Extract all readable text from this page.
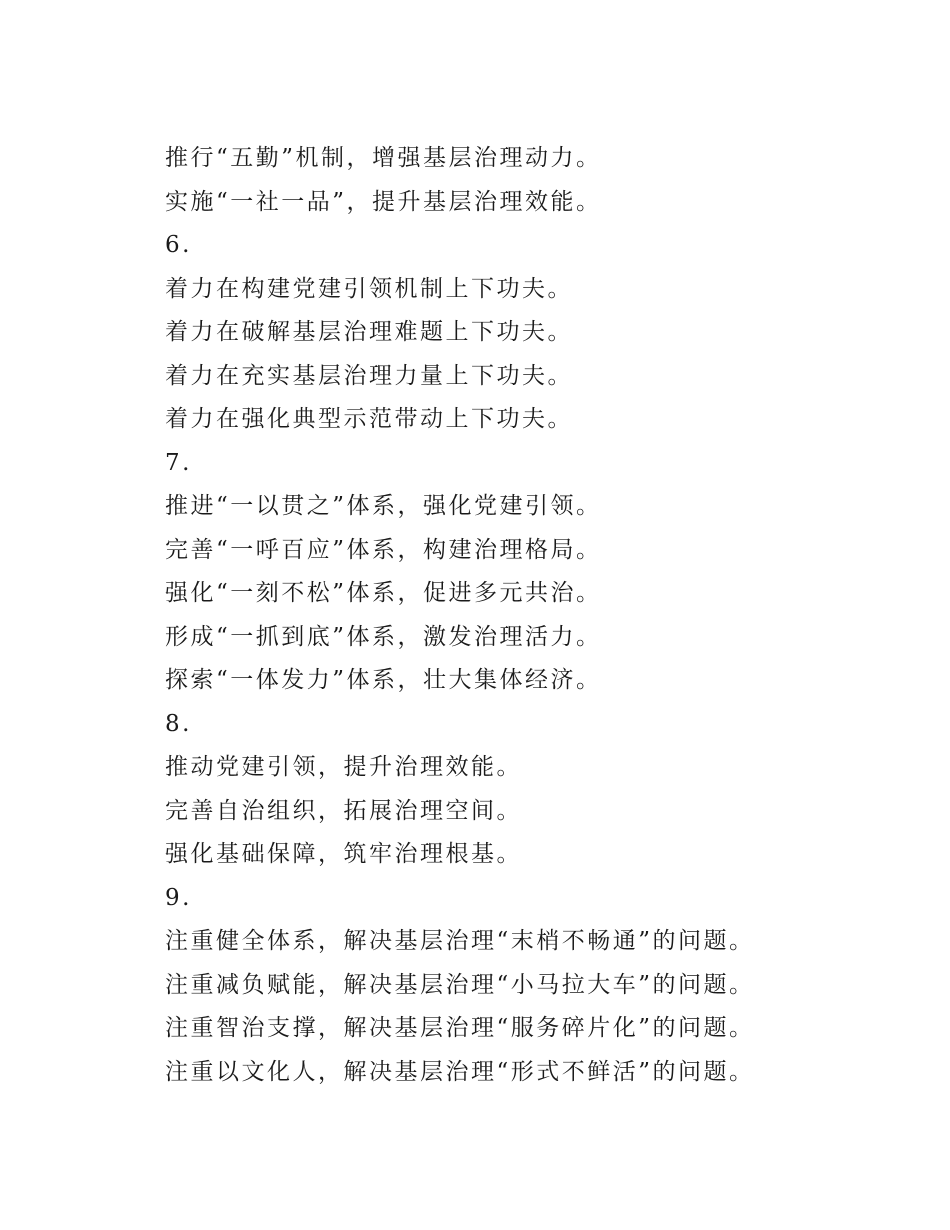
推行“五勤”机制，增强基层治理动力。

实施“一社一品”，提升基层治理效能。

6.

着力在构建党建引领机制上下功夫。

着力在破解基层治理难题上下功夫。

着力在充实基层治理力量上下功夫。

着力在强化典型示范带动上下功夫。

7.

推进“一以贯之”体系，强化党建引领。

完善“一呼百应”体系，构建治理格局。

强化“一刻不松”体系，促进多元共治。

形成“一抓到底”体系，激发治理活力。

探索“一体发力”体系，壮大集体经济。

8.

推动党建引领，提升治理效能。

完善自治组织，拓展治理空间。

强化基础保障，筑牢治理根基。

9.

注重健全体系，解决基层治理“末梢不畅通”的问题。

注重减负赋能，解决基层治理“小马拉大车”的问题。

注重智治支撑，解决基层治理“服务碎片化”的问题。

注重以文化人，解决基层治理“形式不鲜活”的问题。
